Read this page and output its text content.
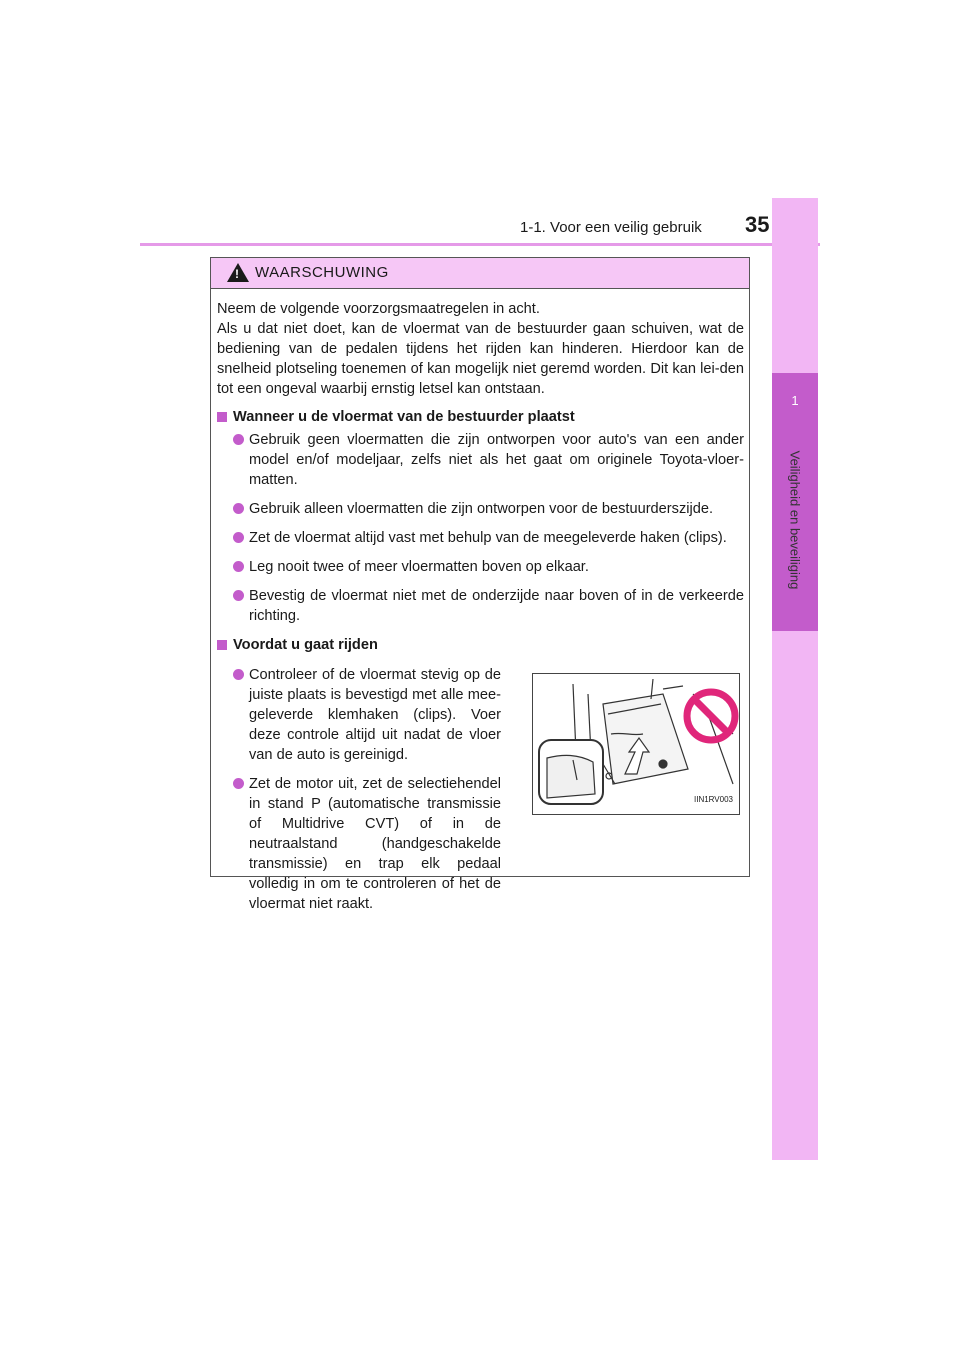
1-1. Voor een veilig gebruik 35
1
Veiligheid en beveiliging
!
WAARSCHUWING

Neem de volgende voorzorgsmaatregelen in acht.
Als u dat niet doet, kan de vloermat van de bestuurder gaan schuiven, wat de bediening van de pedalen tijdens het rijden kan hinderen. Hierdoor kan de snelheid plotseling toenemen of kan mogelijk niet geremd worden. Dit kan lei-den tot een ongeval waarbij ernstig letsel kan ontstaan.

Wanneer u de vloermat van de bestuurder plaatst
Gebruik geen vloermatten die zijn ontworpen voor auto's van een ander model en/of modeljaar, zelfs niet als het gaat om originele Toyota-vloer-matten.
Gebruik alleen vloermatten die zijn ontworpen voor de bestuurderszijde.
Zet de vloermat altijd vast met behulp van de meegeleverde haken (clips).
Leg nooit twee of meer vloermatten boven op elkaar.
Bevestig de vloermat niet met de onderzijde naar boven of in de verkeerde richting.
Voordat u gaat rijden
Controleer of de vloermat stevig op de juiste plaats is bevestigd met alle mee-geleverde klemhaken (clips). Voer deze controle altijd uit nadat de vloer van de auto is gereinigd.
Zet de motor uit, zet de selectiehendel in stand P (automatische transmissie of Multidrive CVT) of in de neutraalstand (handgeschakelde transmissie) en trap elk pedaal volledig in om te controleren of het de vloermat niet raakt.
IIN1RV003
